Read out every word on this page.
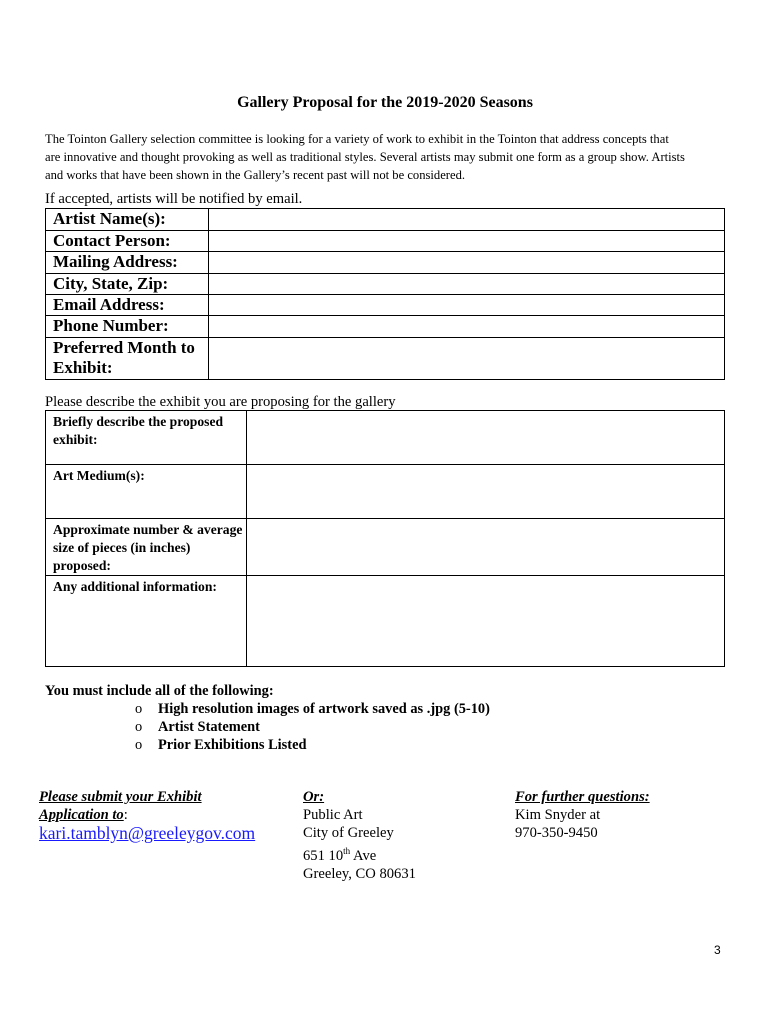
Gallery Proposal for the 2019-2020 Seasons
The Tointon Gallery selection committee is looking for a variety of work to exhibit in the Tointon that address concepts that are innovative and thought provoking as well as traditional styles. Several artists may submit one form as a group show. Artists and works that have been shown in the Gallery’s recent past will not be considered.
If accepted, artists will be notified by email.
Artist Name(s):	
Contact Person:	
Mailing Address:	
City, State, Zip:	
Email Address:	
Phone Number:	
Preferred Month to Exhibit:	
Please describe the exhibit you are proposing for the gallery
Briefly describe the proposed exhibit:	
Art Medium(s):	
Approximate number & average size of pieces (in inches) proposed:	
Any additional information:	
You must include all of the following:
o High resolution images of artwork saved as .jpg (5-10)
o Artist Statement
o Prior Exhibitions Listed
Please submit your Exhibit
Application to:
kari.tamblyn@greeleygov.com
Or:
Public Art
City of Greeley
651 10th Ave
Greeley, CO 80631
For further questions:
Kim Snyder at
970-350-9450
3
